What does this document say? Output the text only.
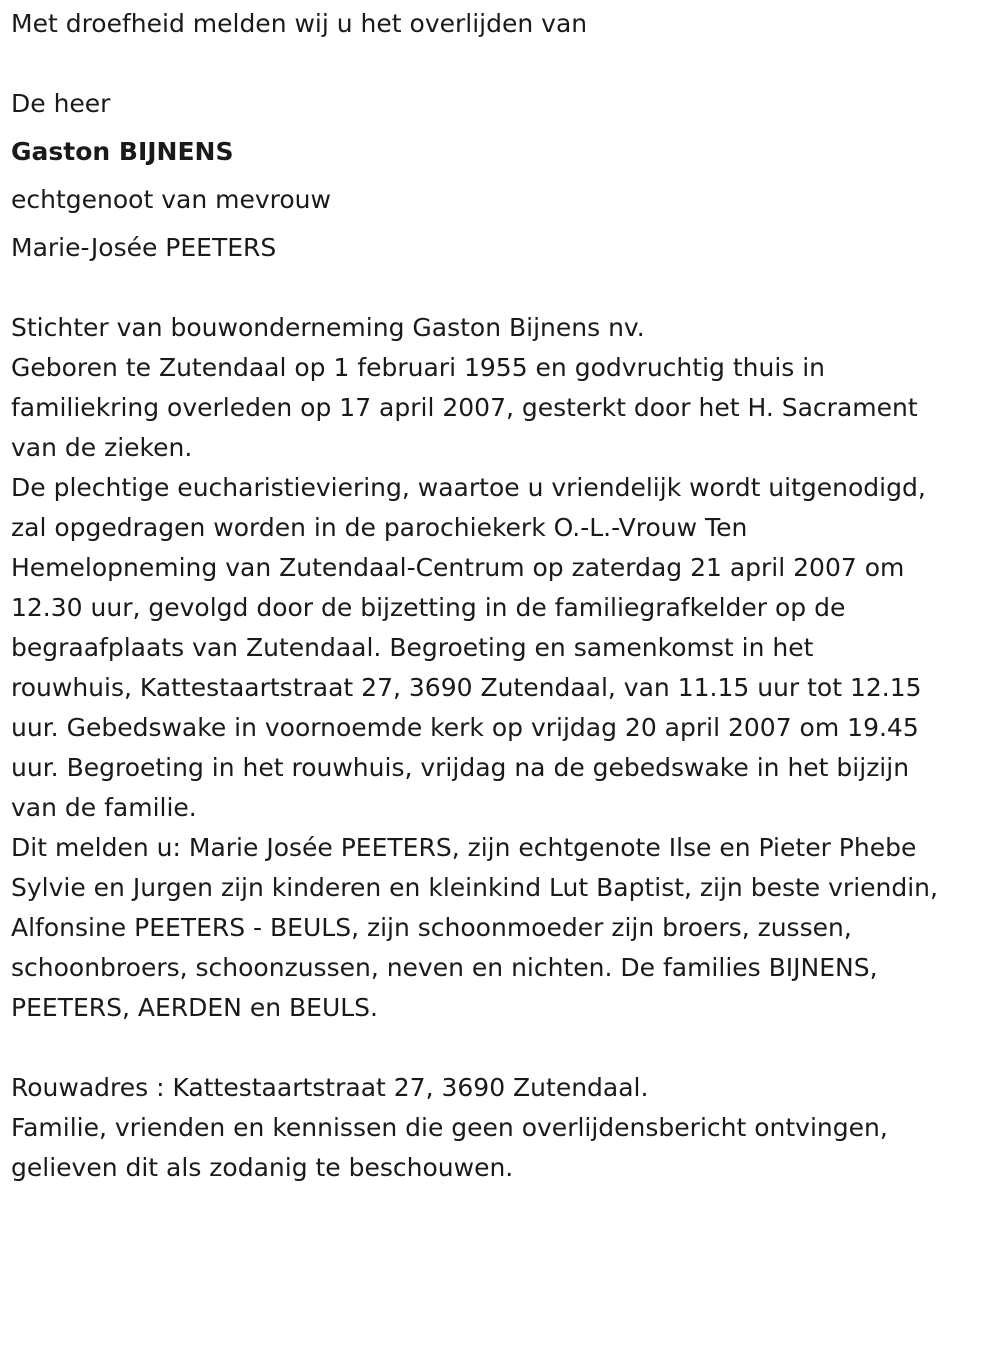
Met droefheid melden wij u het overlijden van
De heer
Gaston BIJNENS
echtgenoot van mevrouw
Marie-Josée PEETERS
Stichter van bouwonderneming Gaston Bijnens nv.
Geboren te Zutendaal op 1 februari 1955 en godvruchtig thuis in
familiekring overleden op 17 april 2007, gesterkt door het H. Sacrament
van de zieken.
De plechtige eucharistieviering, waartoe u vriendelijk wordt uitgenodigd,
zal opgedragen worden in de parochiekerk O.-L.-Vrouw Ten
Hemelopneming van Zutendaal-Centrum op zaterdag 21 april 2007 om
12.30 uur, gevolgd door de bijzetting in de familiegrafkelder op de
begraafplaats van Zutendaal. Begroeting en samenkomst in het
rouwhuis, Kattestaartstraat 27, 3690 Zutendaal, van 11.15 uur tot 12.15
uur. Gebedswake in voornoemde kerk op vrijdag 20 april 2007 om 19.45
uur. Begroeting in het rouwhuis, vrijdag na de gebedswake in het bijzijn
van de familie.
Dit melden u: Marie Josée PEETERS, zijn echtgenote Ilse en Pieter Phebe
Sylvie en Jurgen zijn kinderen en kleinkind Lut Baptist, zijn beste vriendin,
Alfonsine PEETERS - BEULS, zijn schoonmoeder zijn broers, zussen,
schoonbroers, schoonzussen, neven en nichten. De families BIJNENS,
PEETERS, AERDEN en BEULS.
Rouwadres : Kattestaartstraat 27, 3690 Zutendaal.
Familie, vrienden en kennissen die geen overlijdensbericht ontvingen,
gelieven dit als zodanig te beschouwen.
